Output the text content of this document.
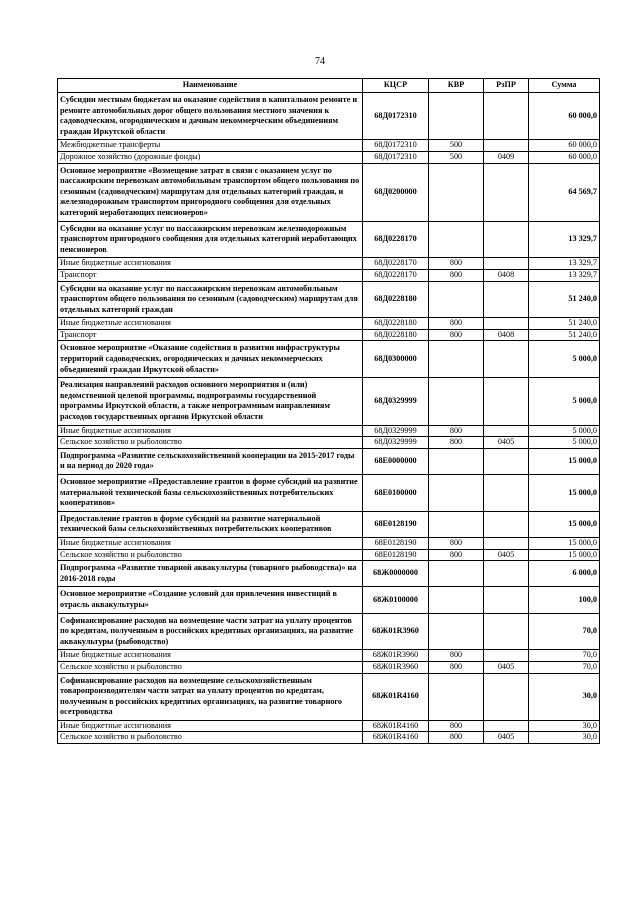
74
Наименование	КЦСР	КВР	РзПР	Сумма
Субсидии местным бюджетам на оказание содействия в капитальном ремонте и ремонте автомобильных дорог общего пользования местного значения к садоводческим, огородническим и дачным некоммерческим объединениям граждан Иркутской области	68Д0172310			60 000,0
Межбюджетные трансферты	68Д0172310	500		60 000,0
Дорожное хозяйство (дорожные фонды)	68Д0172310	500	0409	60 000,0
Основное мероприятие «Возмещение затрат в связи с оказанием услуг по пассажирским перевозкам автомобильным транспортом общего пользования по сезонным (садоводческим) маршрутам для отдельных категорий граждан, и железнодорожным транспортом пригородного сообщения для отдельных категорий неработающих пенсионеров»	68Д0200000			64 569,7
Субсидии на оказание услуг по пассажирским перевозкам железнодорожным транспортом пригородного сообщения для отдельных категорий неработающих пенсионеров	68Д0228170			13 329,7
Иные бюджетные ассигнования	68Д0228170	800		13 329,7
Транспорт	68Д0228170	800	0408	13 329,7
Субсидии на оказание услуг по пассажирским перевозкам автомобильным транспортом общего пользования по сезонным (садоводческим) маршрутам для отдельных категорий граждан	68Д0228180			51 240,0
Иные бюджетные ассигнования	68Д0228180	800		51 240,0
Транспорт	68Д0228180	800	0408	51 240,0
Основное мероприятие «Оказание содействия в развитии инфраструктуры территорий садоводческих, огороднических и дачных некоммерческих объединений граждан Иркутской области»	68Д0300000			5 000,0
Реализация направлений расходов основного мероприятия и (или) ведомственной целевой программы, подпрограммы государственной программы Иркутской области, а также непрограммным направлениям расходов государственных органов Иркутской области	68Д0329999			5 000,0
Иные бюджетные ассигнования	68Д0329999	800		5 000,0
Сельское хозяйство и рыболовство	68Д0329999	800	0405	5 000,0
Подпрограмма «Развитие сельскохозяйственной кооперации на 2015-2017 годы и на период до 2020 года»	68Е0000000			15 000,0
Основное мероприятие «Предоставление грантов в форме субсидий на развитие материальной технической базы сельскохозяйственных потребительских кооперативов»	68Е0100000			15 000,0
Предоставление грантов в форме субсидий на развитие материальной технической базы сельскохозяйственных потребительских кооперативов	68Е0128190			15 000,0
Иные бюджетные ассигнования	68Е0128190	800		15 000,0
Сельское хозяйство и рыболовство	68Е0128190	800	0405	15 000,0
Подпрограмма «Развитие товарной аквакультуры (товарного рыбоводства)» на 2016-2018 годы	68Ж0000000			6 000,0
Основное мероприятие «Создание условий для привлечения инвестиций в отрасль аквакультуры»	68Ж0100000			100,0
Софинансирование расходов на возмещение части затрат на уплату процентов по кредитам, полученным в российских кредитных организациях, на развитие аквакультуры (рыбоводство)	68Ж01R3960			70,0
Иные бюджетные ассигнования	68Ж01R3960	800		70,0
Сельское хозяйство и рыболовство	68Ж01R3960	800	0405	70,0
Софинансирование расходов на возмещение сельскохозяйственным товаропроизводителям части затрат на уплату процентов по кредитам, полученным в российских кредитных организациях, на развитие товарного осетроводства	68Ж01R4160			30,0
Иные бюджетные ассигнования	68Ж01R4160	800		30,0
Сельское хозяйство и рыболовство	68Ж01R4160	800	0405	30,0
